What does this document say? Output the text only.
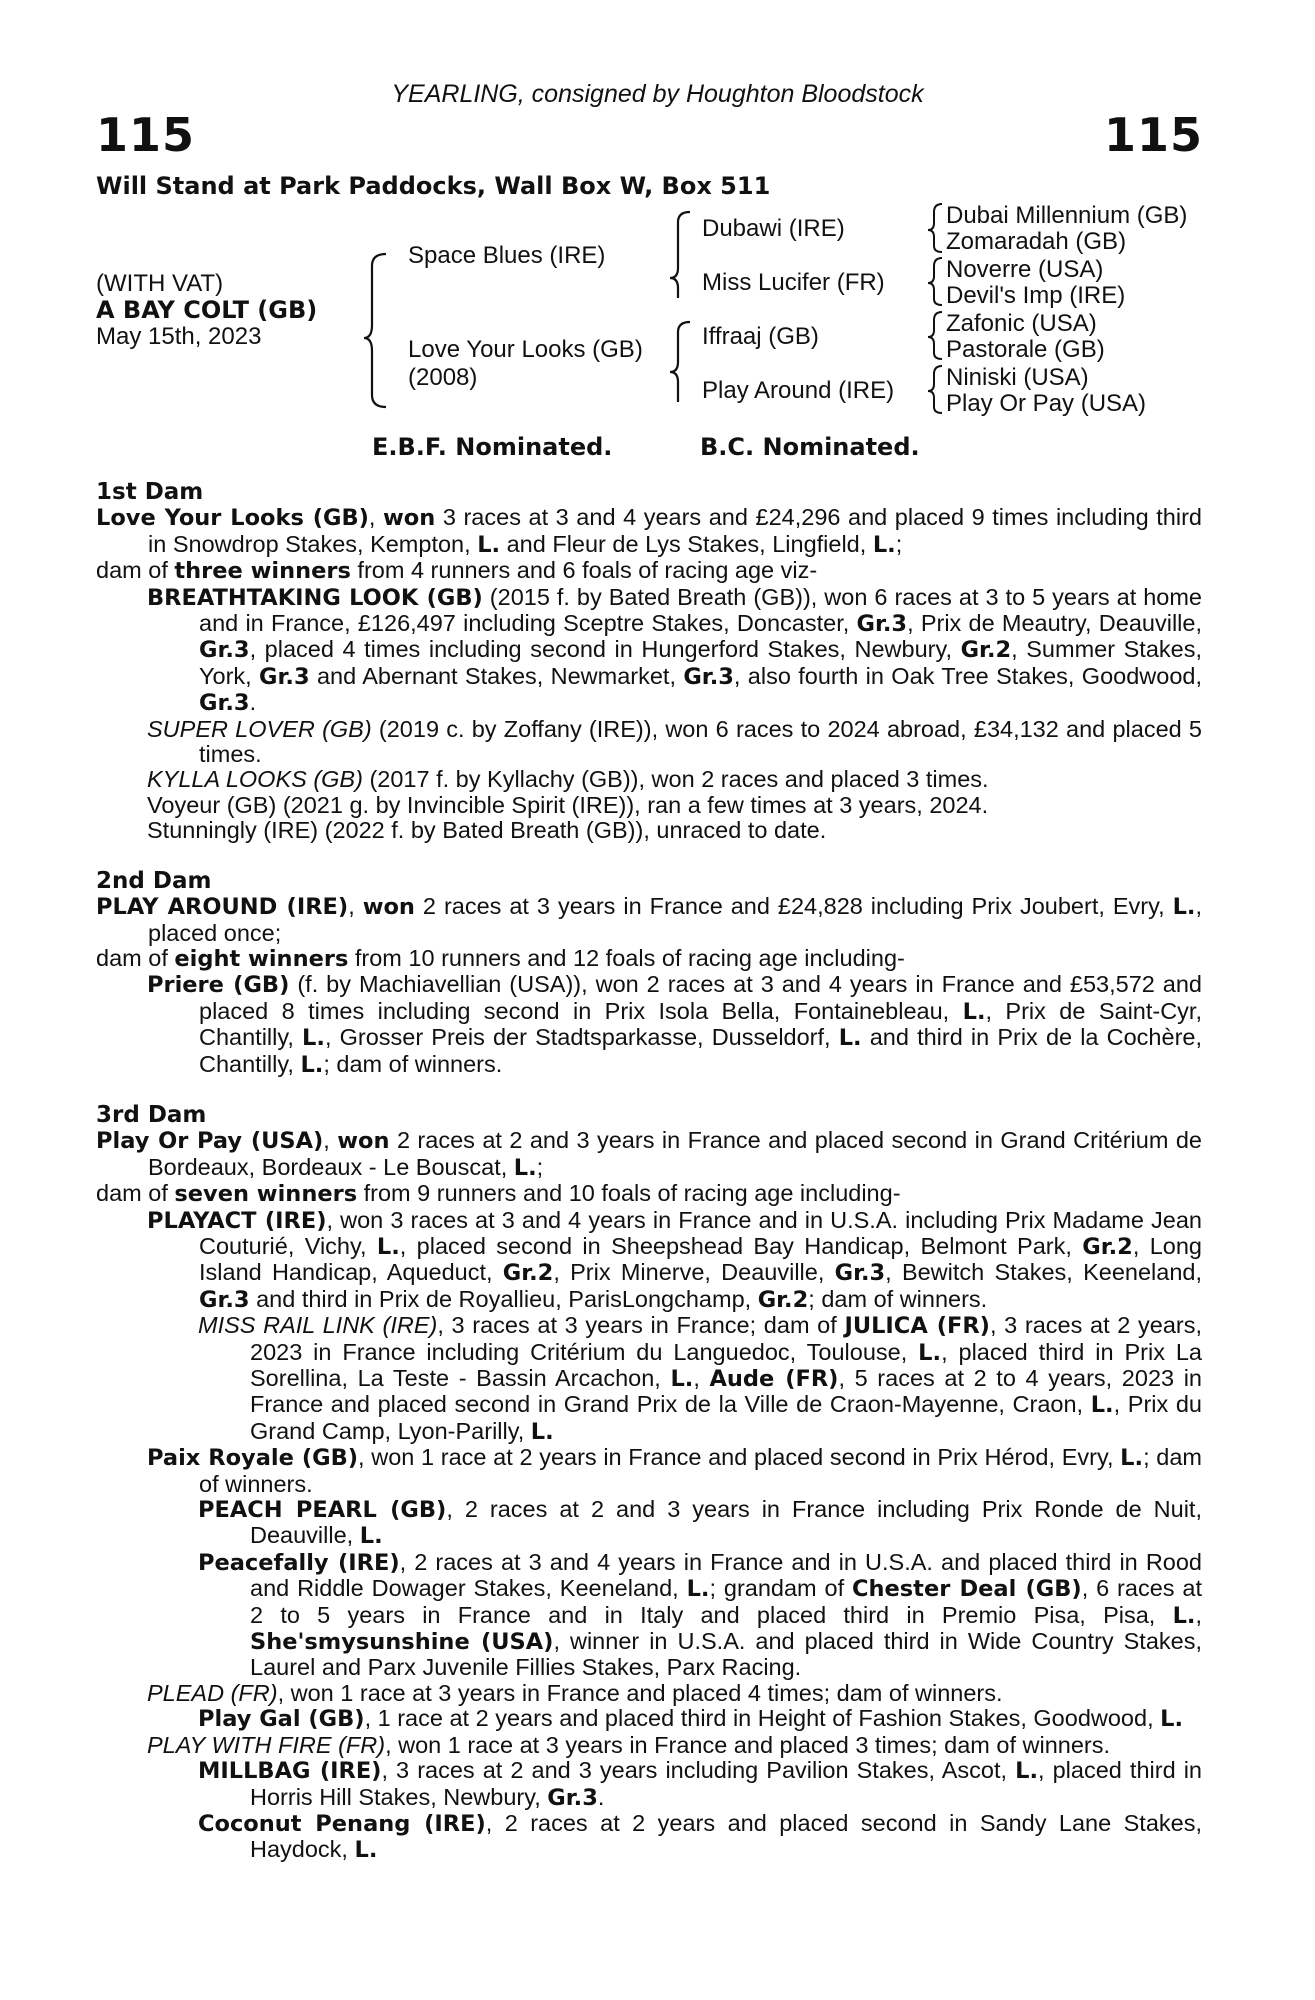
YEARLING, consigned by Houghton Bloodstock
115	115
Will Stand at Park Paddocks, Wall Box W, Box 511
(WITH VAT)
A BAY COLT (GB)
May 15th, 2023
Space Blues (IRE)
Love Your Looks (GB)
(2008)
Dubawi (IRE)
Miss Lucifer (FR)
Iffraaj (GB)
Play Around (IRE)
Dubai Millennium (GB)
Zomaradah (GB)
Noverre (USA)
Devil's Imp (IRE)
Zafonic (USA)
Pastorale (GB)
Niniski (USA)
Play Or Pay (USA)
E.B.F. Nominated.	B.C. Nominated.
1st Dam
Love Your Looks (GB), won 3 races at 3 and 4 years and £24,296 and placed 9 times including third in Snowdrop Stakes, Kempton, L. and Fleur de Lys Stakes, Lingfield, L.;
dam of three winners from 4 runners and 6 foals of racing age viz-
BREATHTAKING LOOK (GB) (2015 f. by Bated Breath (GB)), won 6 races at 3 to 5 years at home and in France, £126,497 including Sceptre Stakes, Doncaster, Gr.3, Prix de Meautry, Deauville, Gr.3, placed 4 times including second in Hungerford Stakes, Newbury, Gr.2, Summer Stakes, York, Gr.3 and Abernant Stakes, Newmarket, Gr.3, also fourth in Oak Tree Stakes, Goodwood, Gr.3.
SUPER LOVER (GB) (2019 c. by Zoffany (IRE)), won 6 races to 2024 abroad, £34,132 and placed 5 times.
KYLLA LOOKS (GB) (2017 f. by Kyllachy (GB)), won 2 races and placed 3 times.
Voyeur (GB) (2021 g. by Invincible Spirit (IRE)), ran a few times at 3 years, 2024.
Stunningly (IRE) (2022 f. by Bated Breath (GB)), unraced to date.
2nd Dam
PLAY AROUND (IRE), won 2 races at 3 years in France and £24,828 including Prix Joubert, Evry, L., placed once;
dam of eight winners from 10 runners and 12 foals of racing age including-
Priere (GB) (f. by Machiavellian (USA)), won 2 races at 3 and 4 years in France and £53,572 and placed 8 times including second in Prix Isola Bella, Fontainebleau, L., Prix de Saint-Cyr, Chantilly, L., Grosser Preis der Stadtsparkasse, Dusseldorf, L. and third in Prix de la Cochère, Chantilly, L.; dam of winners.
3rd Dam
Play Or Pay (USA), won 2 races at 2 and 3 years in France and placed second in Grand Critérium de Bordeaux, Bordeaux - Le Bouscat, L.;
dam of seven winners from 9 runners and 10 foals of racing age including-
PLAYACT (IRE), won 3 races at 3 and 4 years in France and in U.S.A. including Prix Madame Jean Couturié, Vichy, L., placed second in Sheepshead Bay Handicap, Belmont Park, Gr.2, Long Island Handicap, Aqueduct, Gr.2, Prix Minerve, Deauville, Gr.3, Bewitch Stakes, Keeneland, Gr.3 and third in Prix de Royallieu, ParisLongchamp, Gr.2; dam of winners.
MISS RAIL LINK (IRE), 3 races at 3 years in France; dam of JULICA (FR), 3 races at 2 years, 2023 in France including Critérium du Languedoc, Toulouse, L., placed third in Prix La Sorellina, La Teste - Bassin Arcachon, L., Aude (FR), 5 races at 2 to 4 years, 2023 in France and placed second in Grand Prix de la Ville de Craon-Mayenne, Craon, L., Prix du Grand Camp, Lyon-Parilly, L.
Paix Royale (GB), won 1 race at 2 years in France and placed second in Prix Hérod, Evry, L.; dam of winners.
PEACH PEARL (GB), 2 races at 2 and 3 years in France including Prix Ronde de Nuit, Deauville, L.
Peacefally (IRE), 2 races at 3 and 4 years in France and in U.S.A. and placed third in Rood and Riddle Dowager Stakes, Keeneland, L.; grandam of Chester Deal (GB), 6 races at 2 to 5 years in France and in Italy and placed third in Premio Pisa, Pisa, L., She'smysunshine (USA), winner in U.S.A. and placed third in Wide Country Stakes, Laurel and Parx Juvenile Fillies Stakes, Parx Racing.
PLEAD (FR), won 1 race at 3 years in France and placed 4 times; dam of winners.
Play Gal (GB), 1 race at 2 years and placed third in Height of Fashion Stakes, Goodwood, L.
PLAY WITH FIRE (FR), won 1 race at 3 years in France and placed 3 times; dam of winners.
MILLBAG (IRE), 3 races at 2 and 3 years including Pavilion Stakes, Ascot, L., placed third in Horris Hill Stakes, Newbury, Gr.3.
Coconut Penang (IRE), 2 races at 2 years and placed second in Sandy Lane Stakes, Haydock, L.
